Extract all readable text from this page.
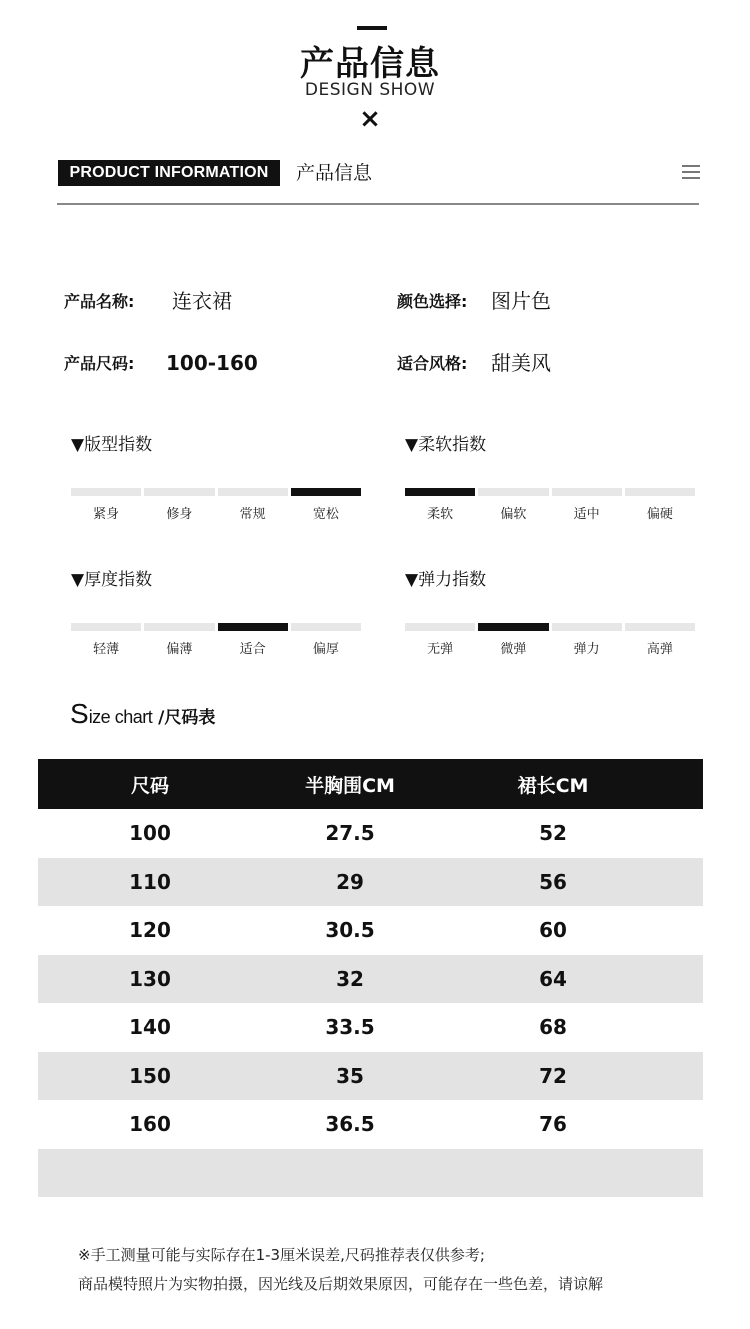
产品信息
DESIGN SHOW
×
PRODUCT INFORMATION	产品信息
产品名称: 连衣裙	颜色选择: 图片色
产品尺码: 100-160	适合风格: 甜美风
▼版型指数
紧身	修身	常规	宽松
▼柔软指数
柔软	偏软	适中	偏硬
▼厚度指数
轻薄	偏薄	适合	偏厚
▼弹力指数
无弹	微弹	弹力	高弹
Size chart /尺码表
尺码	半胸围CM	裙长CM
100	27.5	52
110	29	56
120	30.5	60
130	32	64
140	33.5	68
150	35	72
160	36.5	76
※手工测量可能与实际存在1-3厘米误差,尺码推荐表仅供参考;
商品模特照片为实物拍摄，因光线及后期效果原因，可能存在一些色差，请谅解
